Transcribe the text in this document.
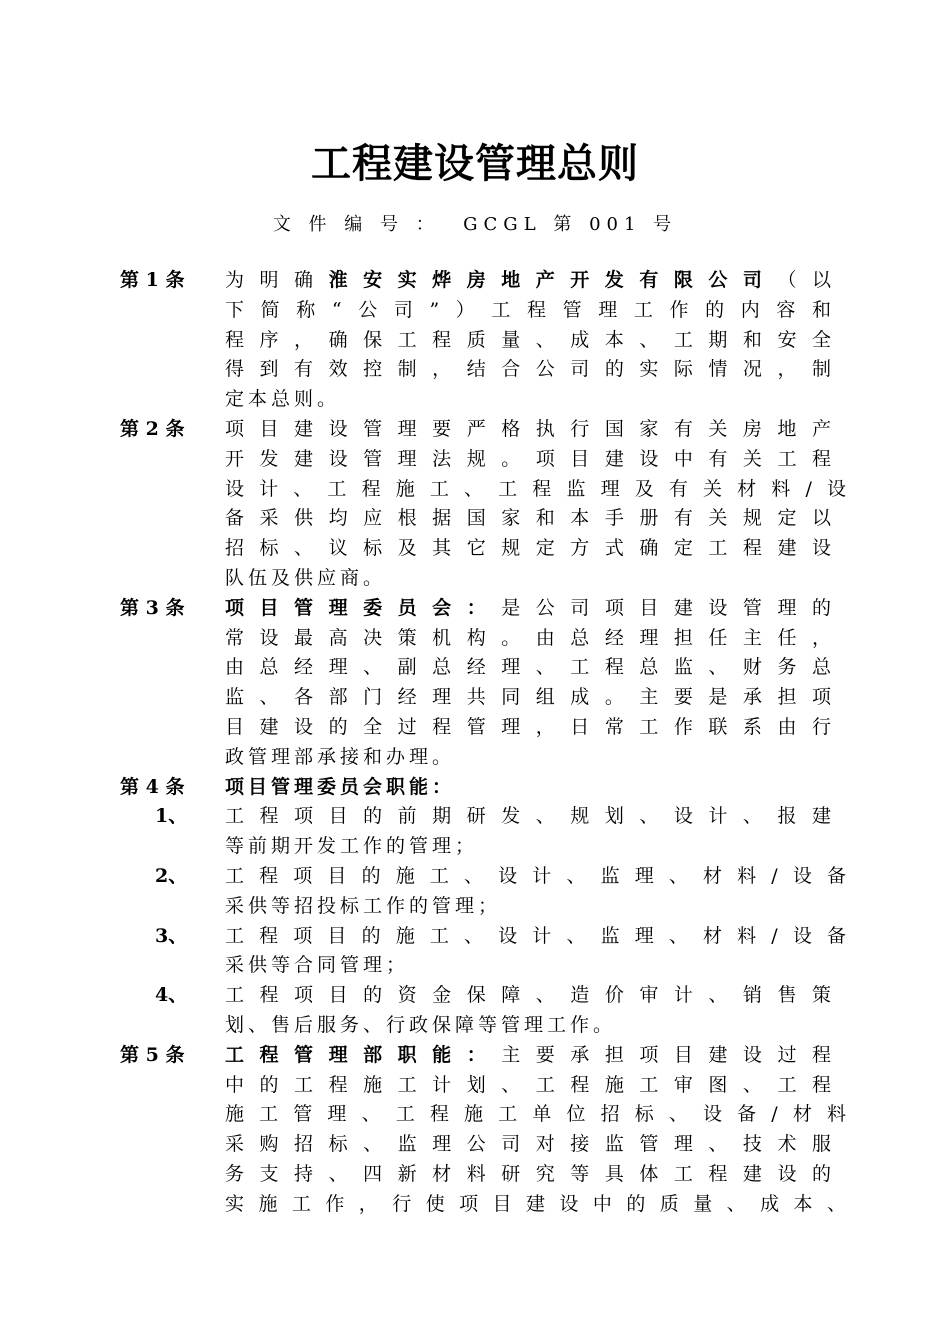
工程建设管理总则
文 件 编 号 ：  GCGL 第 001 号
第 1 条 为明确淮安实烨房地产开发有限公司（以
下简称“公司”）工程管理工作的内容和
程序，确保工程质量、成本、工期和安全
得到有效控制，结合公司的实际情况，制
定本总则。
第 2 条 项目建设管理要严格执行国家有关房地产
开发建设管理法规。项目建设中有关工程
设计、工程施工、工程监理及有关材料/设
备采供均应根据国家和本手册有关规定以
招标、议标及其它规定方式确定工程建设
队伍及供应商。
第 3 条 项目管理委员会：是公司项目建设管理的
常设最高决策机构。由总经理担任主任，
由总经理、副总经理、工程总监、财务总
监、各部门经理共同组成。主要是承担项
目建设的全过程管理，日常工作联系由行
政管理部承接和办理。
第 4 条 项目管理委员会职能：
1、 工程项目的前期研发、规划、设计、报建
等前期开发工作的管理；
2、 工程项目的施工、设计、监理、材料/设备
采供等招投标工作的管理；
3、 工程项目的施工、设计、监理、材料/设备
采供等合同管理；
4、 工程项目的资金保障、造价审计、销售策
划、售后服务、行政保障等管理工作。
第 5 条 工程管理部职能：主要承担项目建设过程
中的工程施工计划、工程施工审图、工程
施工管理、工程施工单位招标、设备/材料
采购招标、监理公司对接监管理、技术服
务支持、四新材料研究等具体工程建设的
实施工作，行使项目建设中的质量、成本、
